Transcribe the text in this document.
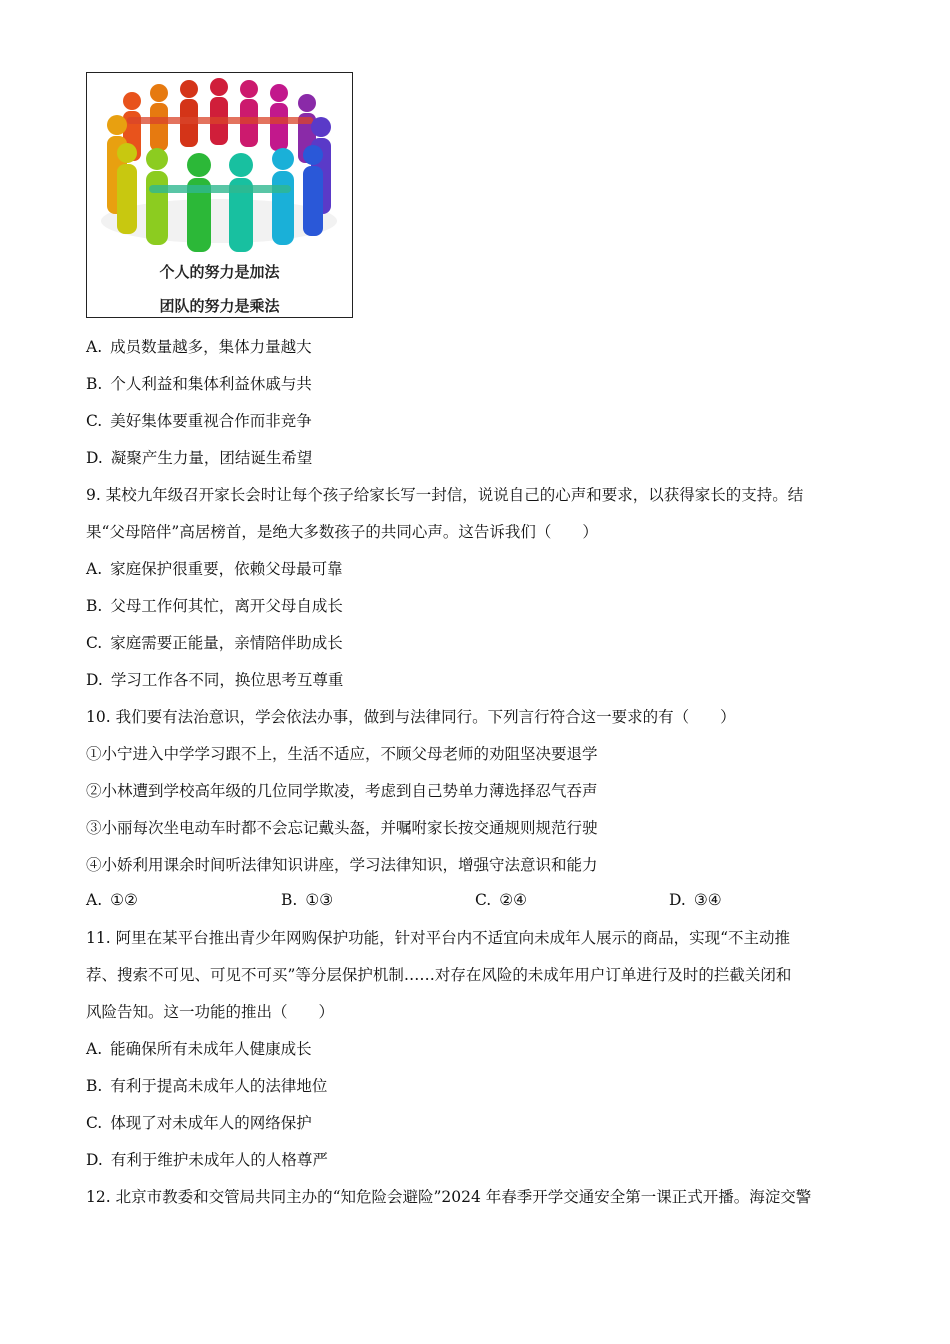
个人的努力是加法
团队的努力是乘法
A. 成员数量越多，集体力量越大
B. 个人利益和集体利益休戚与共
C. 美好集体要重视合作而非竞争
D. 凝聚产生力量，团结诞生希望
9. 某校九年级召开家长会时让每个孩子给家长写一封信，说说自己的心声和要求，以获得家长的支持。结
果“父母陪伴”高居榜首，是绝大多数孩子的共同心声。这告诉我们（　　）
A. 家庭保护很重要，依赖父母最可靠
B. 父母工作何其忙，离开父母自成长
C. 家庭需要正能量，亲情陪伴助成长
D. 学习工作各不同，换位思考互尊重
10. 我们要有法治意识，学会依法办事，做到与法律同行。下列言行符合这一要求的有（　　）
①小宁进入中学学习跟不上，生活不适应，不顾父母老师的劝阻坚决要退学
②小林遭到学校高年级的几位同学欺凌，考虑到自己势单力薄选择忍气吞声
③小丽每次坐电动车时都不会忘记戴头盔，并嘱咐家长按交通规则规范行驶
④小娇利用课余时间听法律知识讲座，学习法律知识，增强守法意识和能力
A. ①②	B. ①③	C. ②④	D. ③④
11. 阿里在某平台推出青少年网购保护功能，针对平台内不适宜向未成年人展示的商品，实现“不主动推
荐、搜索不可见、可见不可买”等分层保护机制……对存在风险的未成年用户订单进行及时的拦截关闭和
风险告知。这一功能的推出（　　）
A. 能确保所有未成年人健康成长
B. 有利于提高未成年人的法律地位
C. 体现了对未成年人的网络保护
D. 有利于维护未成年人的人格尊严
12. 北京市教委和交管局共同主办的“知危险会避险”2024 年春季开学交通安全第一课正式开播。海淀交警
